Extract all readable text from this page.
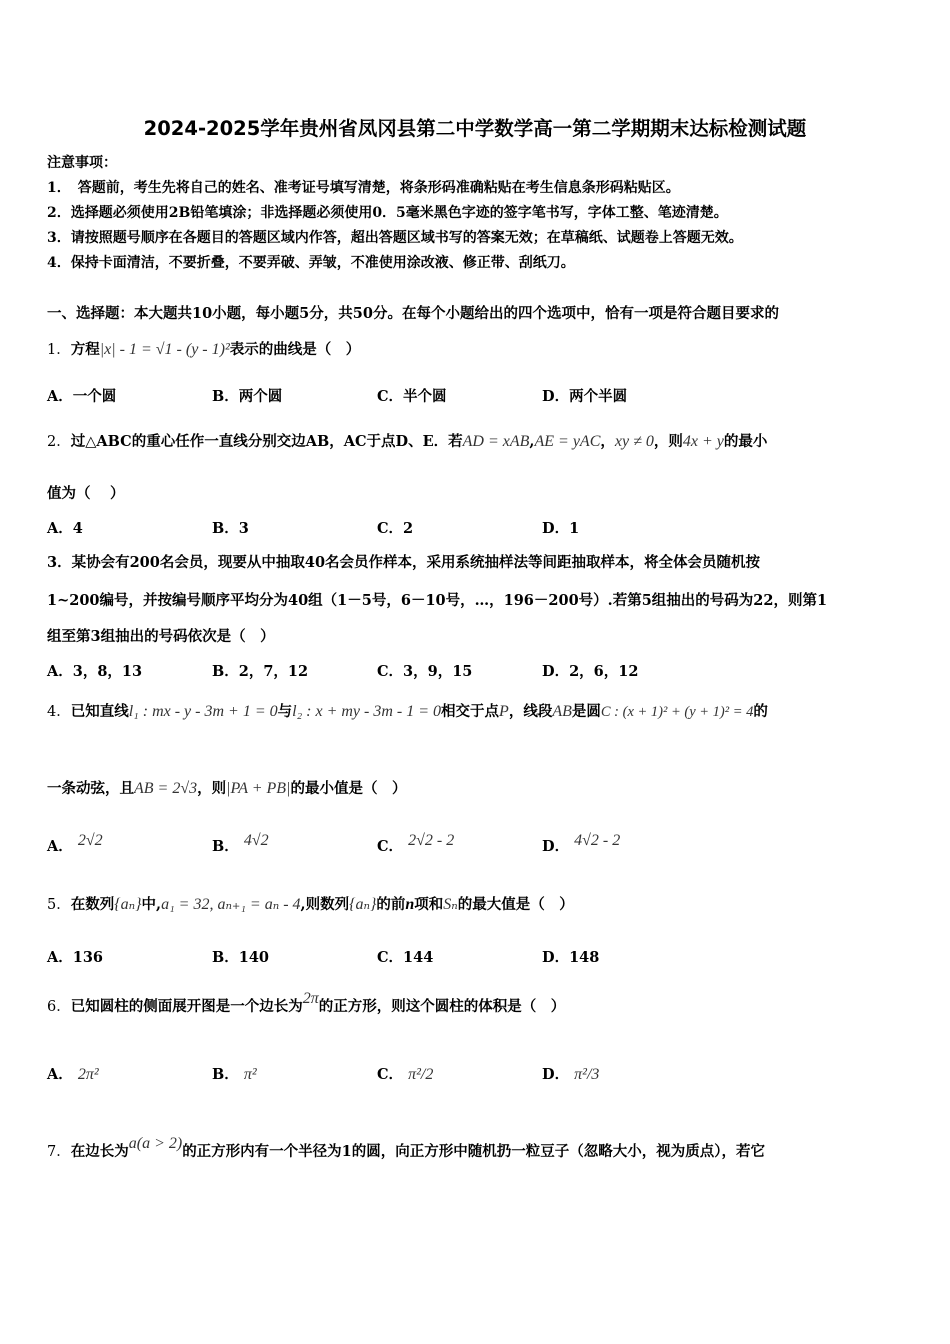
2024-2025学年贵州省凤冈县第二中学数学高一第二学期期末达标检测试题
注意事项：
1．　答题前，考生先将自己的姓名、准考证号填写清楚，将条形码准确粘贴在考生信息条形码粘贴区。
2．选择题必须使用2B铅笔填涂；非选择题必须使用0．5毫米黑色字迹的签字笔书写，字体工整、笔迹清楚。
3．请按照题号顺序在各题目的答题区域内作答，超出答题区域书写的答案无效；在草稿纸、试题卷上答题无效。
4．保持卡面清洁，不要折叠，不要弄破、弄皱，不准使用涂改液、修正带、刮纸刀。
一、选择题：本大题共10小题，每小题5分，共50分。在每个小题给出的四个选项中，恰有一项是符合题目要求的
1．方程|x| - 1 = √1 - (y - 1)²表示的曲线是（　）
A．一个圆	B．两个圆	C．半个圆	D．两个半圆
2．过△ABC的重心任作一直线分别交边AB，AC于点D、E．若AD = xAB,AE = yAC，xy ≠ 0，则4x + y的最小
值为（　 ）
A．4	B．3	C．2	D．1
3．某协会有200名会员，现要从中抽取40名会员作样本，采用系统抽样法等间距抽取样本，将全体会员随机按
1~200编号，并按编号顺序平均分为40组（1－5号，6－10号，…，196－200号）.若第5组抽出的号码为22，则第1
组至第3组抽出的号码依次是（　）
A．3，8，13	B．2，7，12	C．3，9，15	D．2，6，12
4．已知直线l₁ : mx - y - 3m + 1 = 0与l₂ : x + my - 3m - 1 = 0相交于点P，线段AB是圆C : (x + 1)² + (y + 1)² = 4的
一条动弦，且AB = 2√3，则|PA + PB|的最小值是（　）
A． 2√2	B． 4√2	C． 2√2 - 2	D． 4√2 - 2
5．在数列{aₙ}中,a₁ = 32, aₙ₊₁ = aₙ - 4,则数列{aₙ}的前n项和Sₙ的最大值是（　）
A．136	B．140	C．144	D．148
6．已知圆柱的侧面展开图是一个边长为2π的正方形，则这个圆柱的体积是（　）
A． 2π²	B． π²	C． π²/2	D． π²/3
7．在边长为a(a > 2)的正方形内有一个半径为1的圆，向正方形中随机扔一粒豆子（忽略大小，视为质点），若它
